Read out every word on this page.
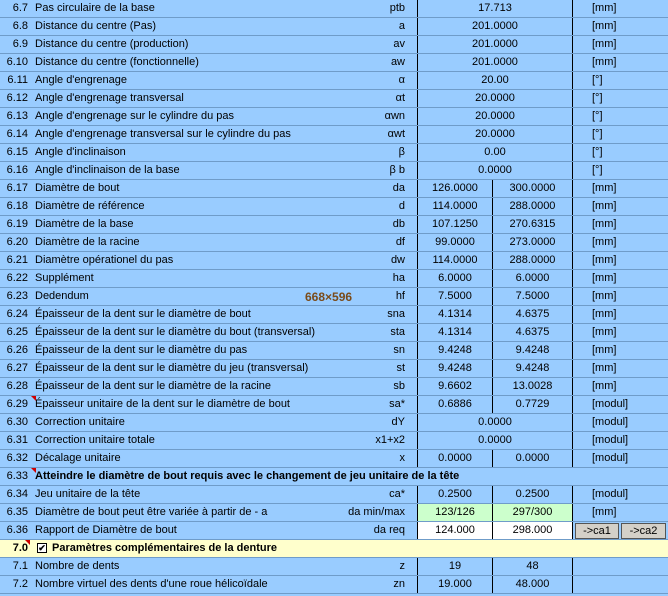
6.7 Pas circulaire de la base	ptb	17.713	[mm]
6.8 Distance du centre (Pas)	a	201.0000	[mm]
6.9 Distance du centre (production)	av	201.0000	[mm]
6.10 Distance du centre (fonctionnelle)	aw	201.0000	[mm]
6.11 Angle d'engrenage	α	20.00	[°]
6.12 Angle d'engrenage transversal	αt	20.0000	[°]
6.13 Angle d'engrenage sur le cylindre du pas	αwn	20.0000	[°]
6.14 Angle d'engrenage transversal sur le cylindre du pas	αwt	20.0000	[°]
6.15 Angle d'inclinaison	β	0.00	[°]
6.16 Angle d'inclinaison de la base	β b	0.0000	[°]
6.17 Diamètre de bout	da	126.0000	300.0000	[mm]
6.18 Diamètre de référence	d	114.0000	288.0000	[mm]
6.19 Diamètre de la base	db	107.1250	270.6315	[mm]
6.20 Diamètre de la racine	df	99.0000	273.0000	[mm]
6.21 Diamètre opérationel du pas	dw	114.0000	288.0000	[mm]
6.22 Supplément	ha	6.0000	6.0000	[mm]
6.23 Dedendum	hf	7.5000	7.5000	[mm]
6.24 Épaisseur de la dent sur le diamètre de bout	sna	4.1314	4.6375	[mm]
6.25 Épaisseur de la dent sur le diamètre du bout (transversal)	sta	4.1314	4.6375	[mm]
6.26 Épaisseur de la dent sur le diamètre du pas	sn	9.4248	9.4248	[mm]
6.27 Épaisseur de la dent sur le diamètre du jeu (transversal)	st	9.4248	9.4248	[mm]
6.28 Épaisseur de la dent sur le diamètre de la racine	sb	9.6602	13.0028	[mm]
6.29 Épaisseur unitaire de la dent sur le diamètre de bout	sa*	0.6886	0.7729	[modul]
6.30 Correction unitaire	dY	0.0000	[modul]
6.31 Correction unitaire totale	x1+x2	0.0000	[modul]
6.32 Décalage unitaire	x	0.0000	0.0000	[modul]
6.33 Atteindre le diamètre de bout requis avec le changement de jeu unitaire de la tête
6.34 Jeu unitaire de la tête	ca*	0.2500	0.2500	[modul]
6.35 Diamètre de bout peut être variée à partir de - a	da min/max	123/126	297/300	[mm]
6.36 Rapport de Diamètre de bout	da req	124.000	298.000	->ca1	->ca2
7.0	✔ Paramètres complémentaires de la denture
7.1 Nombre de dents	z	19	48
7.2 Nombre virtuel des dents d'une roue hélicoïdale	zn	19.000	48.000
668×596
